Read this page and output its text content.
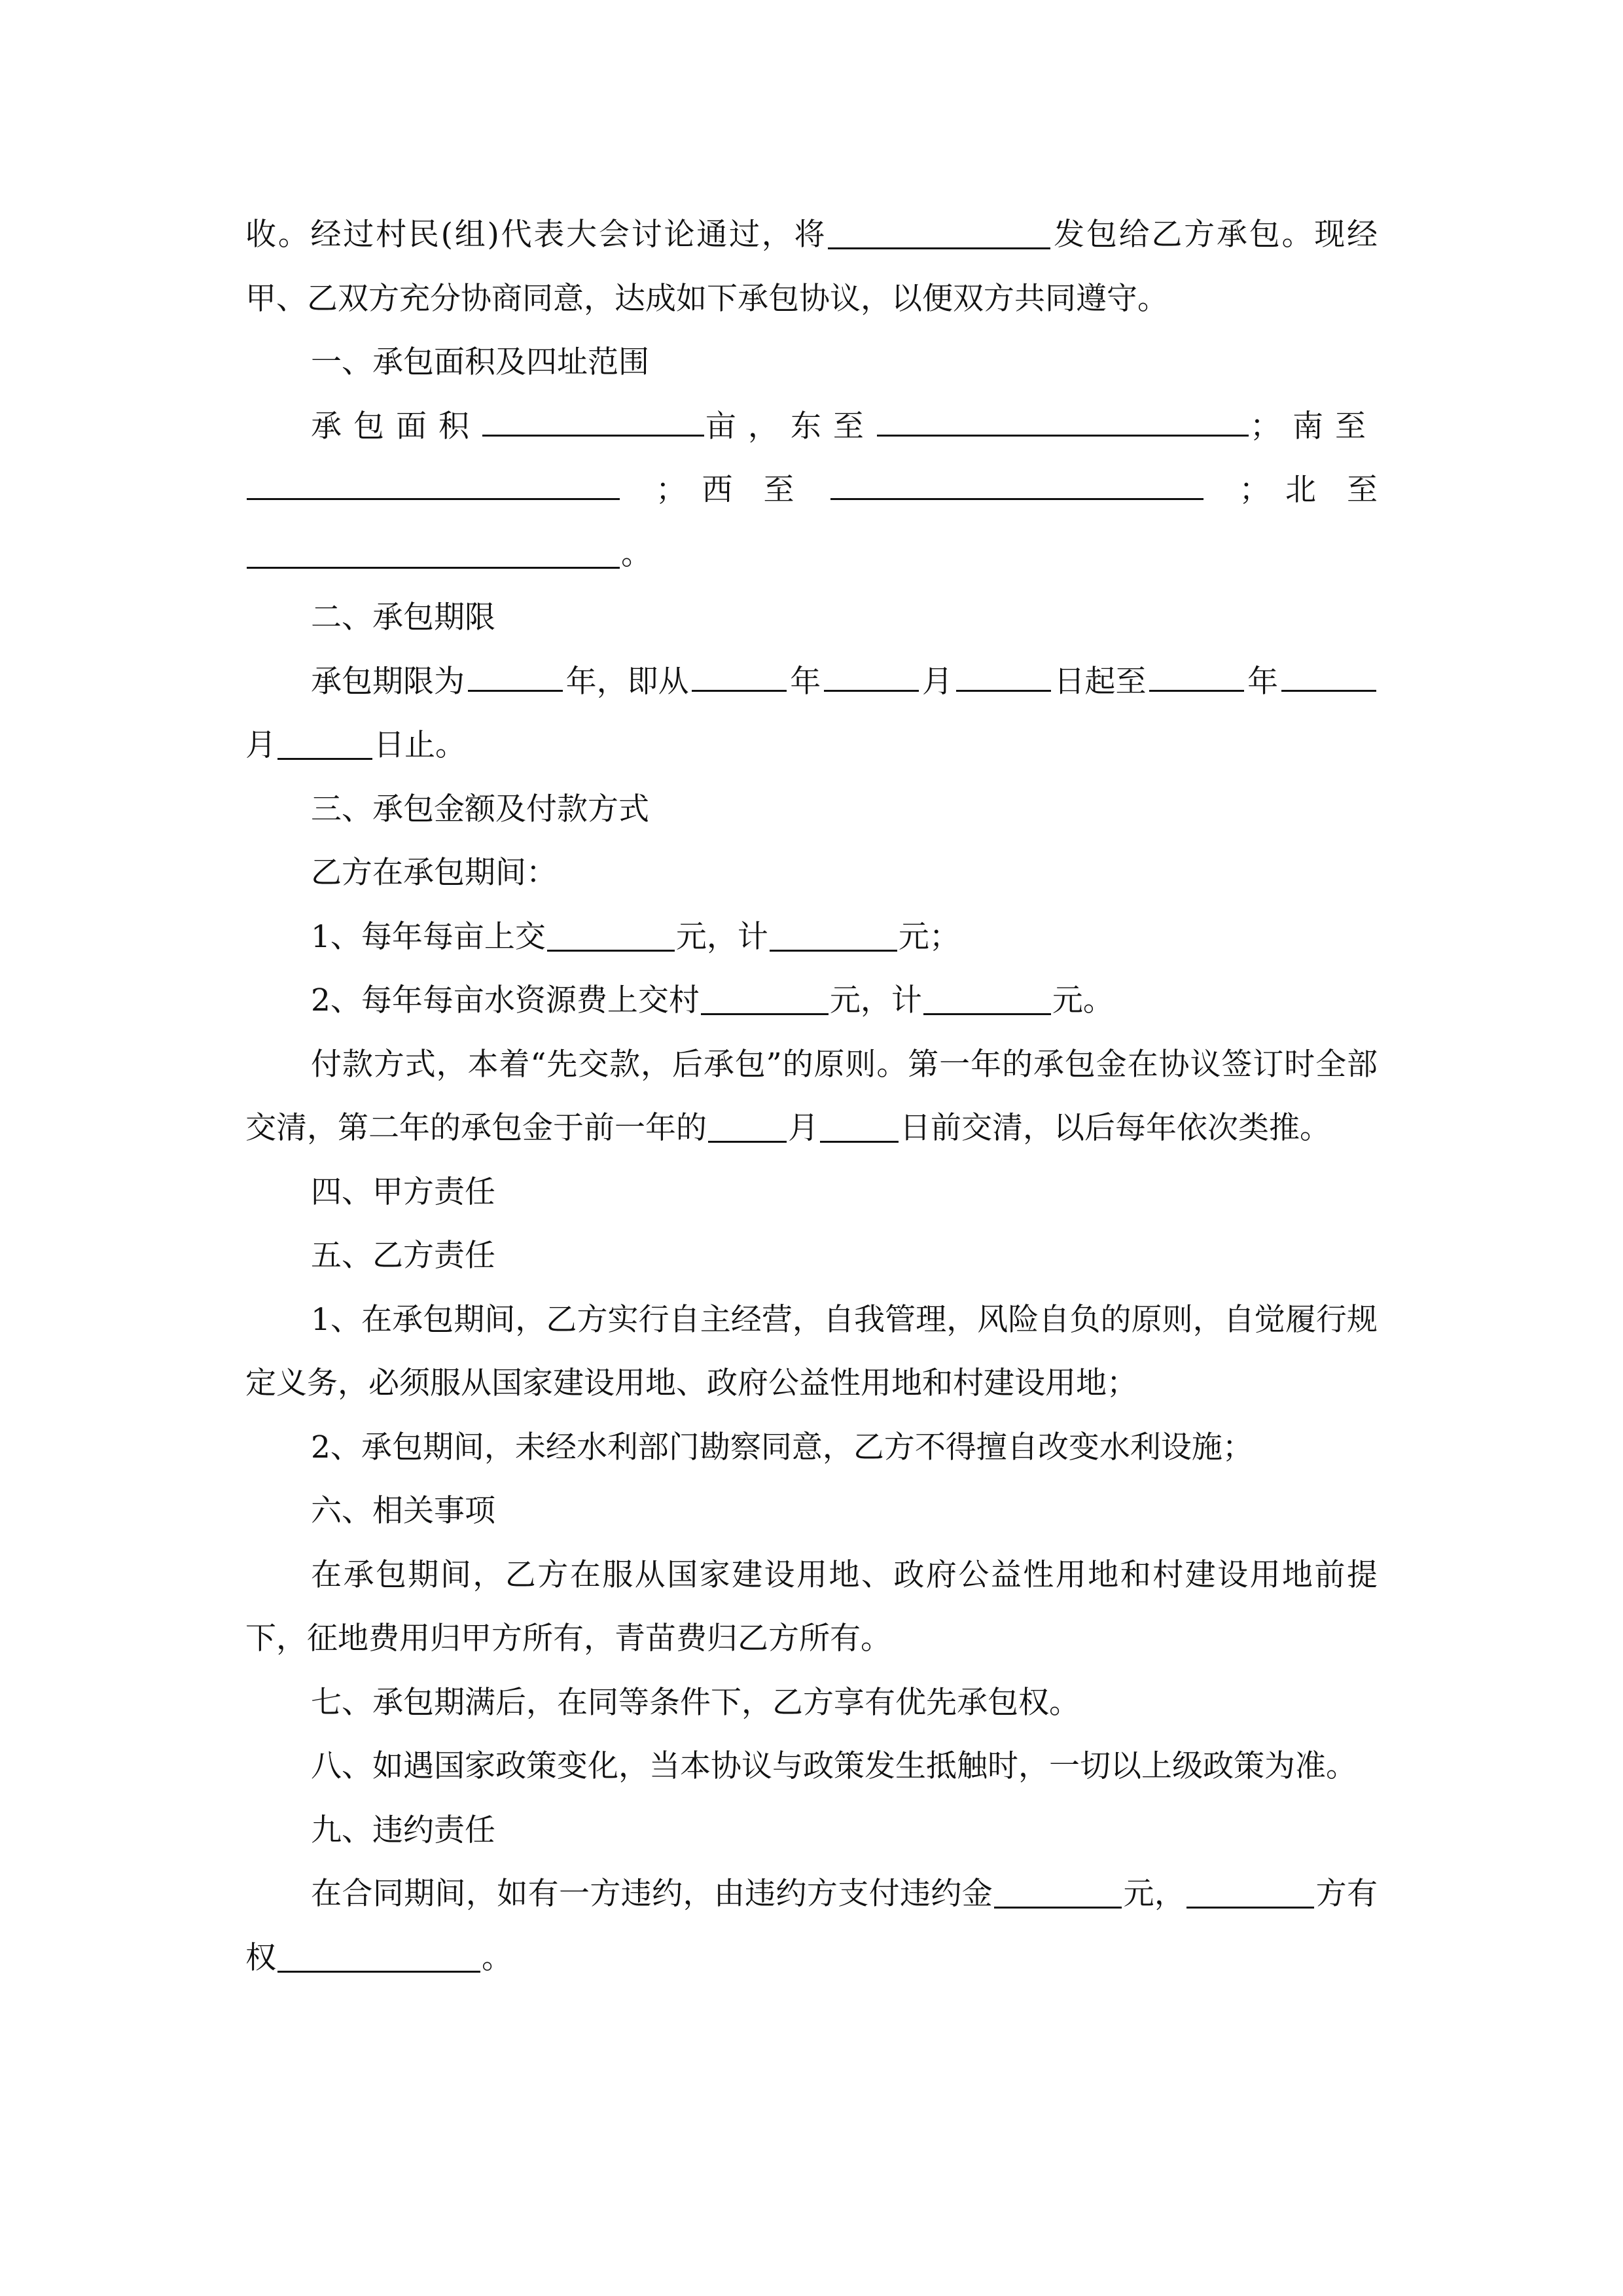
收。经过村民(组)代表大会讨论通过，将	发包给乙方承包。现经甲、乙双方充分协商同意，达成如下承包协议，以便双方共同遵守。

一、承包面积及四址范围

承包面积	亩，东至	；南至
；　西　至	；　北　至
。

二、承包期限

承包期限为	年，即从	年	月	日起至	年
月	日止。

三、承包金额及付款方式

乙方在承包期间：

1、每年每亩上交	元，计	元；

2、每年每亩水资源费上交村	元，计	元。

付款方式，本着“先交款，后承包”的原则。第一年的承包金在协议签订时全部交清，第二年的承包金于前一年的	月	日前交清，以后每年依次类推。

四、甲方责任

五、乙方责任

1、在承包期间，乙方实行自主经营，自我管理，风险自负的原则，自觉履行规定义务，必须服从国家建设用地、政府公益性用地和村建设用地；

2、承包期间，未经水利部门勘察同意，乙方不得擅自改变水利设施；

六、相关事项

在承包期间，乙方在服从国家建设用地、政府公益性用地和村建设用地前提下，征地费用归甲方所有，青苗费归乙方所有。

七、承包期满后，在同等条件下，乙方享有优先承包权。

八、如遇国家政策变化，当本协议与政策发生抵触时，一切以上级政策为准。

九、违约责任

在合同期间，如有一方违约，由违约方支付违约金	元，	方有权	。
